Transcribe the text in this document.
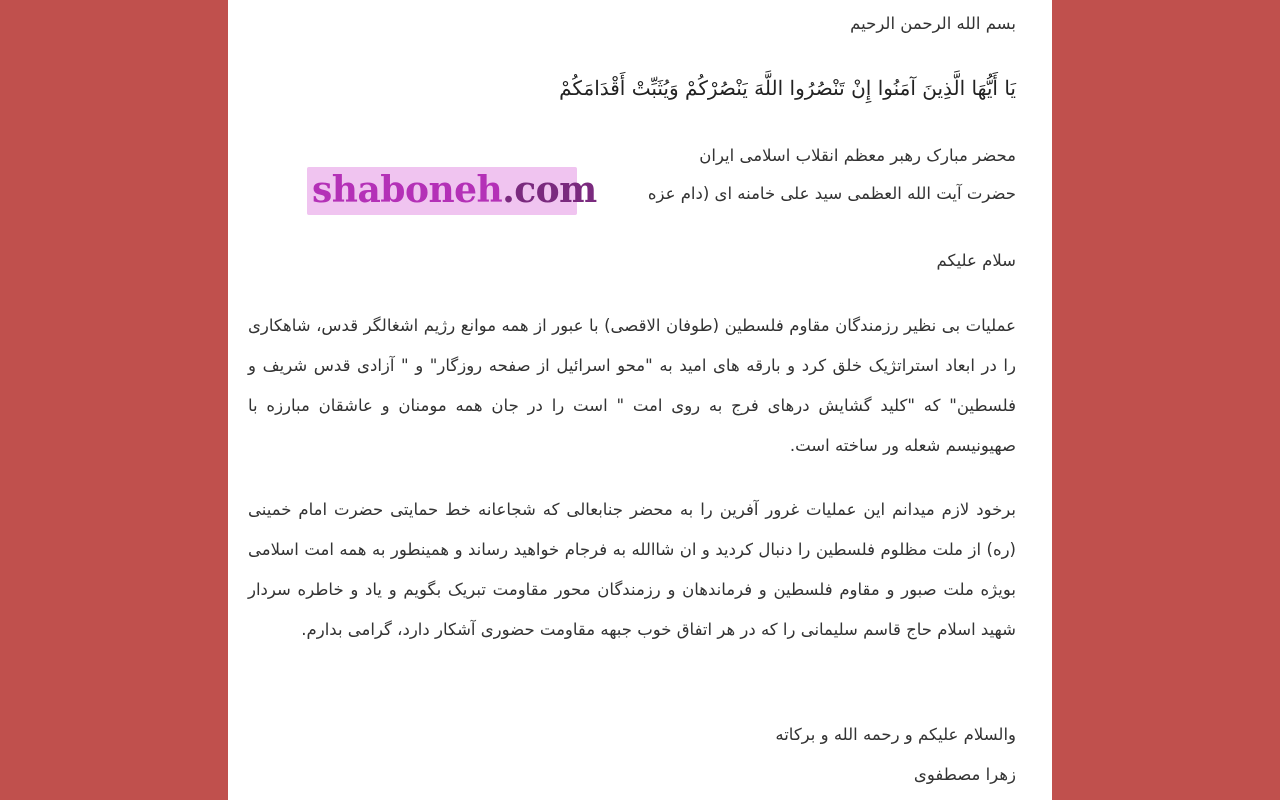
بسم الله الرحمن الرحیم
يَا أَيُّهَا الَّذِينَ آمَنُوا إِنْ تَنْصُرُوا اللَّهَ يَنْصُرْكُمْ وَيُثَبِّتْ أَقْدَامَكُمْ
محضر مبارک رهبر معظم انقلاب اسلامی ایران
حضرت آیت الله العظمی سید علی خامنه ای (دام عزه
سلام علیکم
عملیات بی نظیر رزمندگان مقاوم فلسطین (طوفان الاقصی) با عبور از همه موانع رژیم اشغالگر قدس، شاهکاری را در ابعاد استراتژیک خلق کرد و بارقه های امید به "محو اسرائیل از صفحه روزگار" و " آزادی قدس شریف و فلسطین" که "کلید گشایش درهای فرج به روی امت " است را در جان همه مومنان و عاشقان مبارزه با صهیونیسم شعله ور ساخته است.
برخود لازم میدانم این عملیات غرور آفرین را به محضر جنابعالی که شجاعانه خط حمایتی حضرت امام خمینی (ره) از ملت مظلوم فلسطین را دنبال کردید و ان شاالله به فرجام خواهید رساند و همینطور به همه امت اسلامی بویژه ملت صبور و مقاوم فلسطین و فرماندهان و رزمندگان محور مقاومت تبریک بگویم و یاد و خاطره سردار شهید اسلام حاج قاسم سلیمانی را که در هر اتفاق خوب جبهه مقاومت حضوری آشکار دارد، گرامی بدارم.
والسلام علیکم و رحمه الله و برکاته
زهرا مصطفوی
shaboneh.com
